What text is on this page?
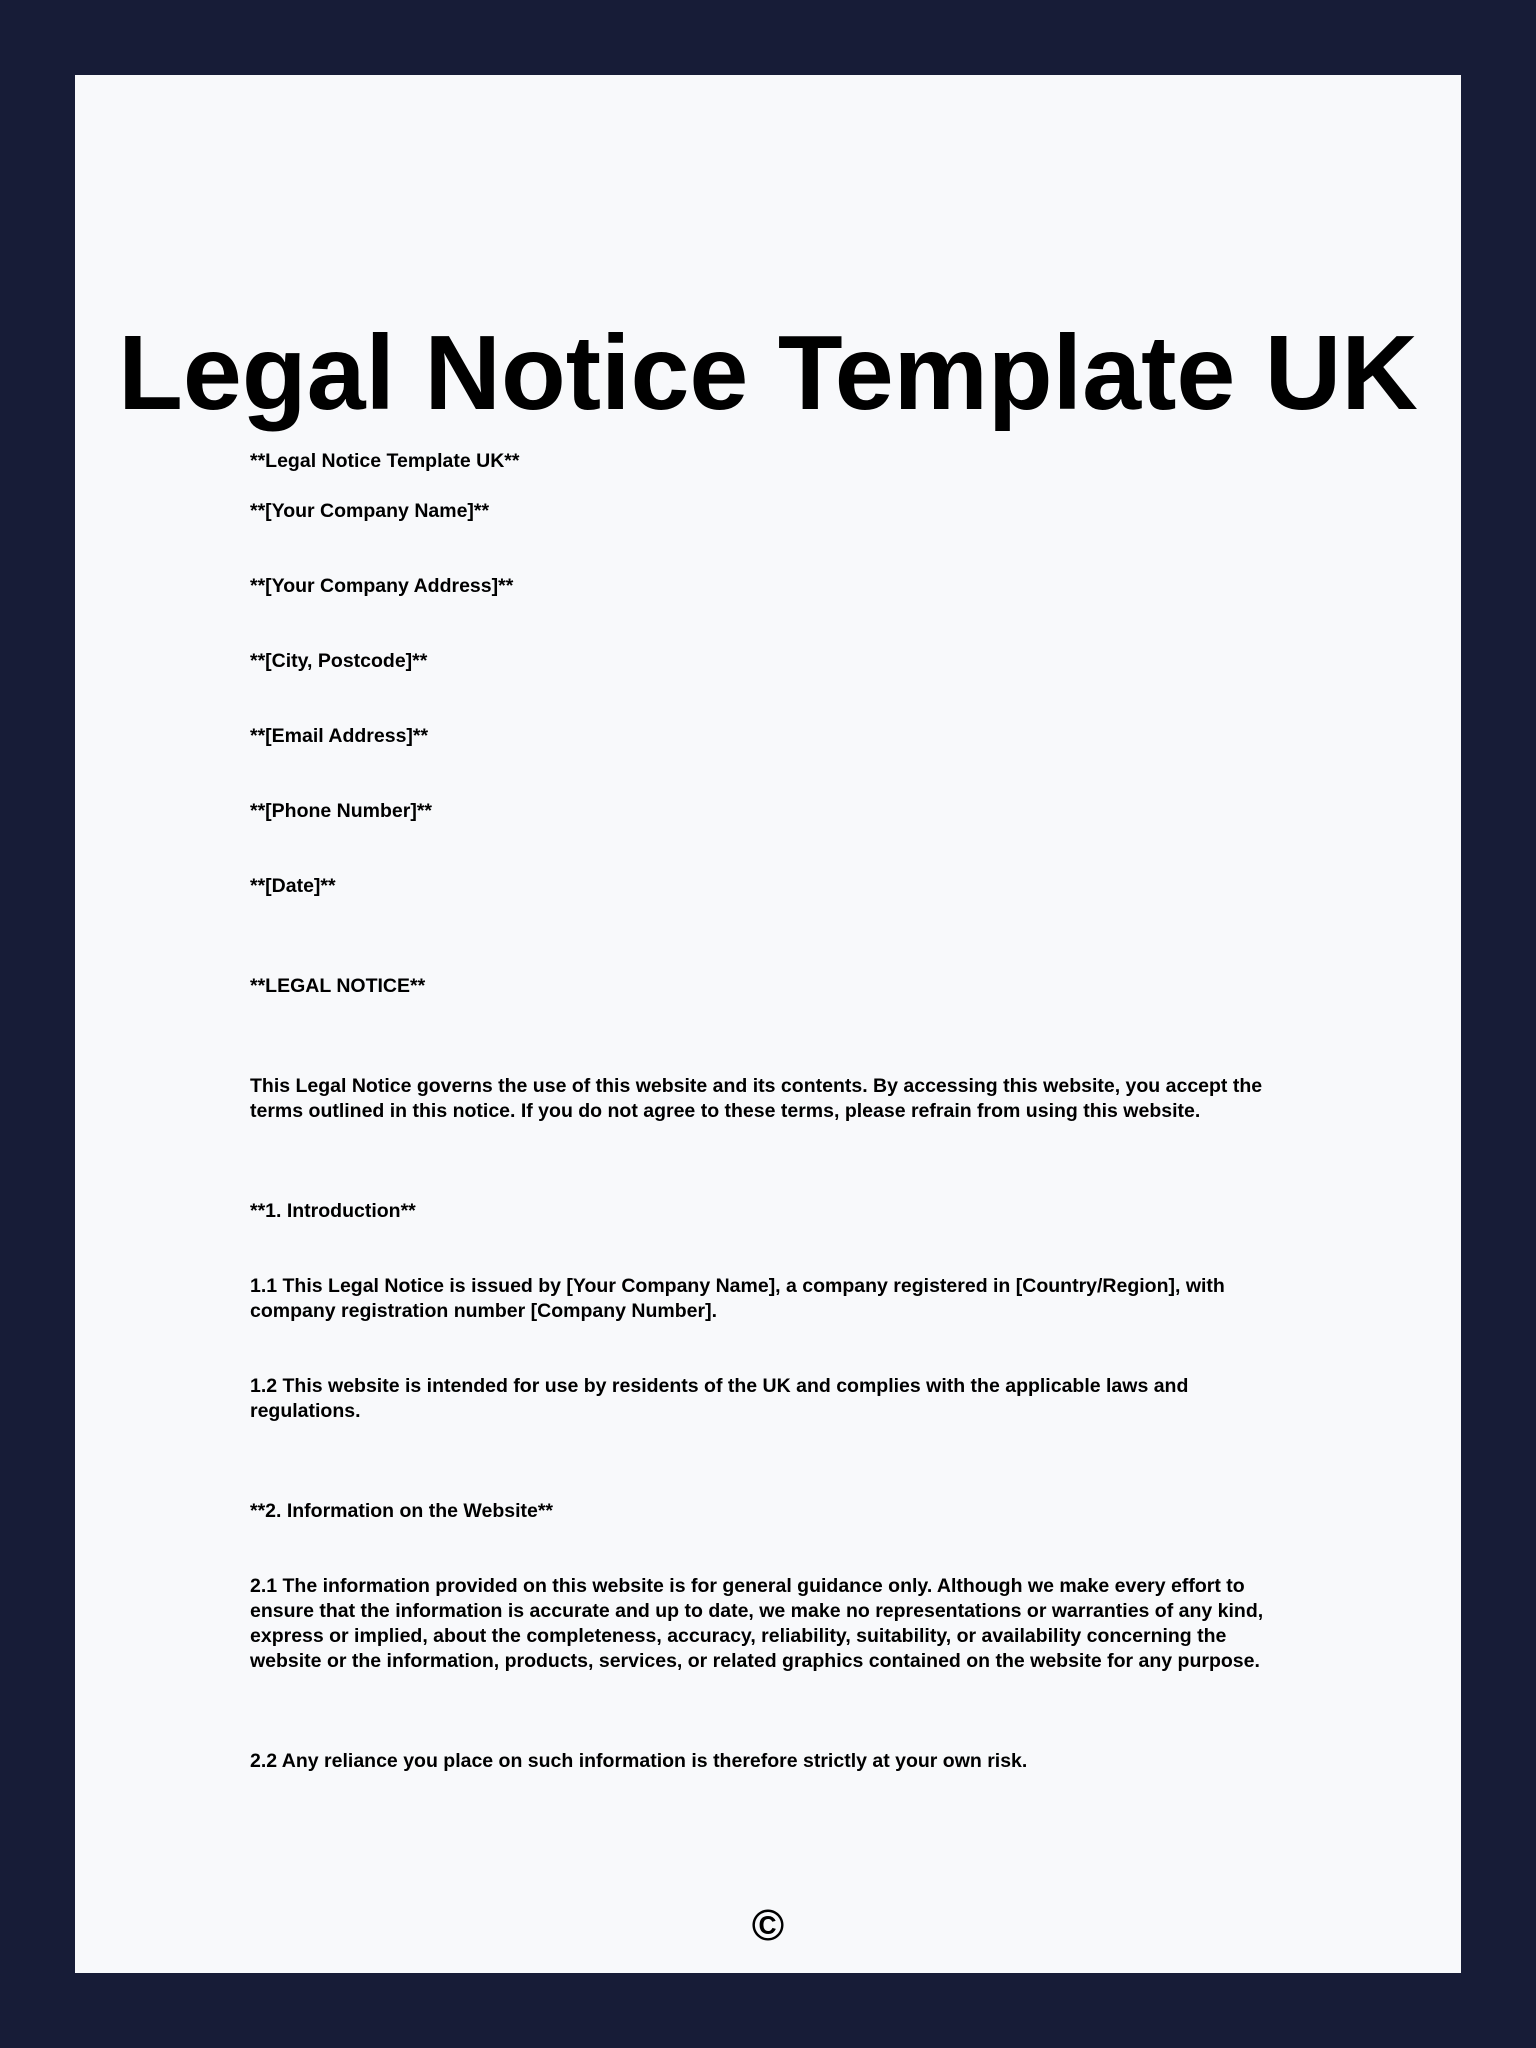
Legal Notice Template UK

**Legal Notice Template UK**

**[Your Company Name]**

**[Your Company Address]**

**[City, Postcode]**

**[Email Address]**

**[Phone Number]**

**[Date]**

**LEGAL NOTICE**

This Legal Notice governs the use of this website and its contents. By accessing this website, you accept the terms outlined in this notice. If you do not agree to these terms, please refrain from using this website.

**1. Introduction**

1.1 This Legal Notice is issued by [Your Company Name], a company registered in [Country/Region], with company registration number [Company Number].

1.2 This website is intended for use by residents of the UK and complies with the applicable laws and regulations.

**2. Information on the Website**

2.1 The information provided on this website is for general guidance only. Although we make every effort to ensure that the information is accurate and up to date, we make no representations or warranties of any kind, express or implied, about the completeness, accuracy, reliability, suitability, or availability concerning the website or the information, products, services, or related graphics contained on the website for any purpose.

2.2 Any reliance you place on such information is therefore strictly at your own risk.

©
